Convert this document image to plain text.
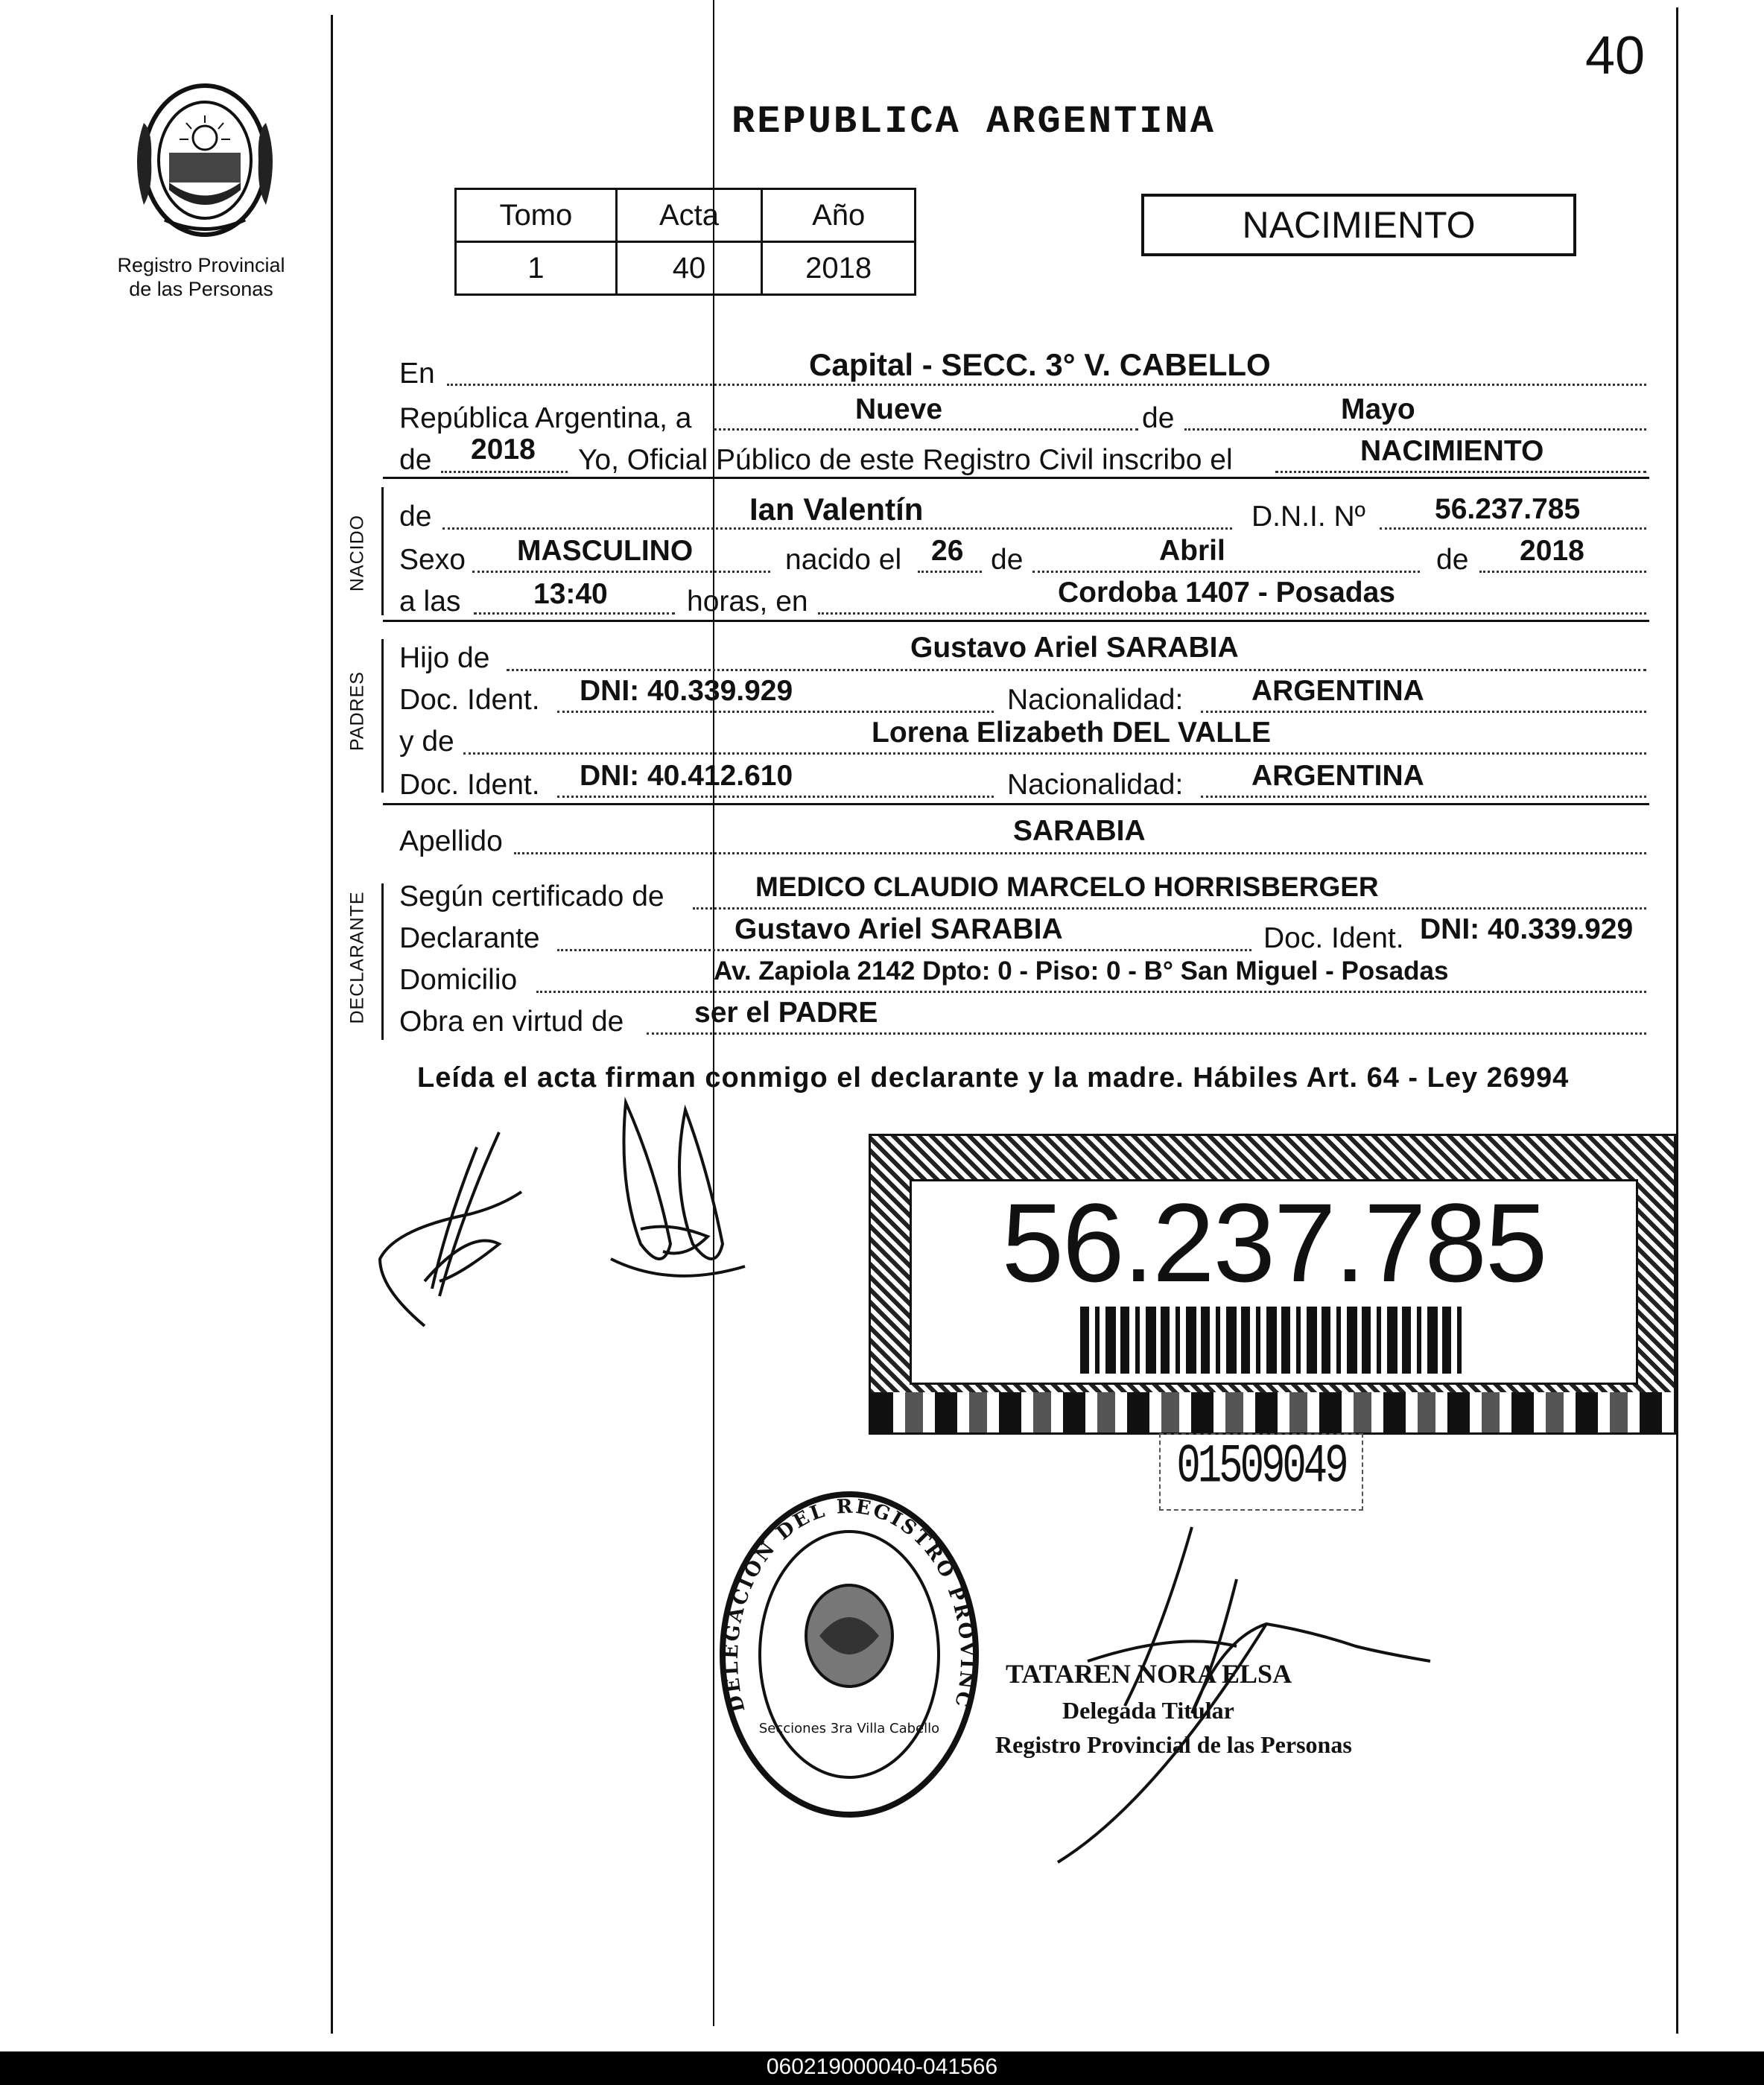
40
Registro Provincial
de las Personas
REPUBLICA ARGENTINA
Tomo	Acta	Año
1	40	2018
NACIMIENTO
En	Capital - SECC. 3° V. CABELLO
República Argentina, a	Nueve	de	Mayo
de 2018 Yo, Oficial Público de este Registro Civil inscribo el	NACIMIENTO
NACIDO de	Ian Valentín	D.N.I. Nº 56.237.785
Sexo MASCULINO	nacido el 26 de	Abril	de 2018
a las	13:40	horas, en	Cordoba 1407 - Posadas
PADRES
Hijo de	Gustavo Ariel SARABIA
Doc. Ident. DNI: 40.339.929	Nacionalidad: ARGENTINA
y de	Lorena Elizabeth DEL VALLE
Doc. Ident. DNI: 40.412.610	Nacionalidad: ARGENTINA
Apellido	SARABIA
DECLARANTE Según certificado de	MEDICO CLAUDIO MARCELO HORRISBERGER
Declarante	Gustavo Ariel SARABIA	Doc. Ident. DNI: 40.339.929
Domicilio	Av. Zapiola 2142 Dpto: 0 - Piso: 0 - B° San Miguel - Posadas
Obra en virtud de ser el PADRE
Leída el acta firman conmigo el declarante y la madre. Hábiles Art. 64 - Ley 26994
56.237.785
01509049
DELEGACION DEL REGISTRO PROVINC
Secciones 3ra Villa Cabello
TATAREN NORA ELSA
Delegada Titular
Registro Provincial de las Personas
060219000040-041566
